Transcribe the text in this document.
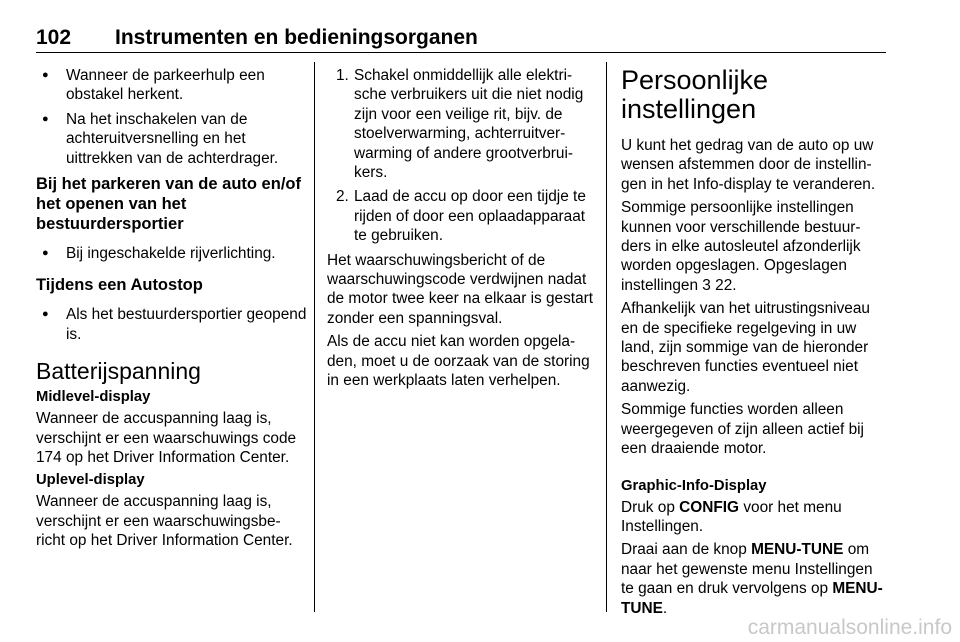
102 Instrumenten en bedieningsorganen
● Wanneer de parkeerhulp een obstakel herkent.
● Na het inschakelen van de achteruitversnelling en het uittrekken van de achterdrager.
Bij het parkeren van de auto en/of het openen van het bestuurdersportier
● Bij ingeschakelde rijverlichting.
Tijdens een Autostop
● Als het bestuurdersportier geopend is.
Batterijspanning
Midlevel-display

Wanneer de accuspanning laag is, verschijnt er een waarschuwings code 174 op het Driver Information Center.

Uplevel-display

Wanneer de accuspanning laag is, verschijnt er een waarschuwingsbe- richt op het Driver Information Center.

1. Schakel onmiddellijk alle elektri- sche verbruikers uit die niet nodig zijn voor een veilige rit, bijv. de stoelverwarming, achterruitver- warming of andere grootverbrui- kers.
2. Laad de accu op door een tijdje te rijden of door een oplaadapparaat te gebruiken.

Het waarschuwingsbericht of de waarschuwingscode verdwijnen nadat de motor twee keer na elkaar is gestart zonder een spanningsval.

Als de accu niet kan worden opgela- den, moet u de oorzaak van de storing in een werkplaats laten verhelpen.

Persoonlijke instellingen

U kunt het gedrag van de auto op uw wensen afstemmen door de instellin- gen in het Info-display te veranderen.

Sommige persoonlijke instellingen kunnen voor verschillende bestuur- ders in elke autosleutel afzonderlijk worden opgeslagen. Opgeslagen instellingen 3 22.

Afhankelijk van het uitrustingsniveau en de specifieke regelgeving in uw land, zijn sommige van de hieronder beschreven functies eventueel niet aanwezig.

Sommige functies worden alleen weergegeven of zijn alleen actief bij een draaiende motor.

Graphic-Info-Display

Druk op CONFIG voor het menu Instellingen.

Draai aan de knop MENU-TUNE om naar het gewenste menu Instellingen te gaan en druk vervolgens op MENU-TUNE.

carmanualsonline.info
